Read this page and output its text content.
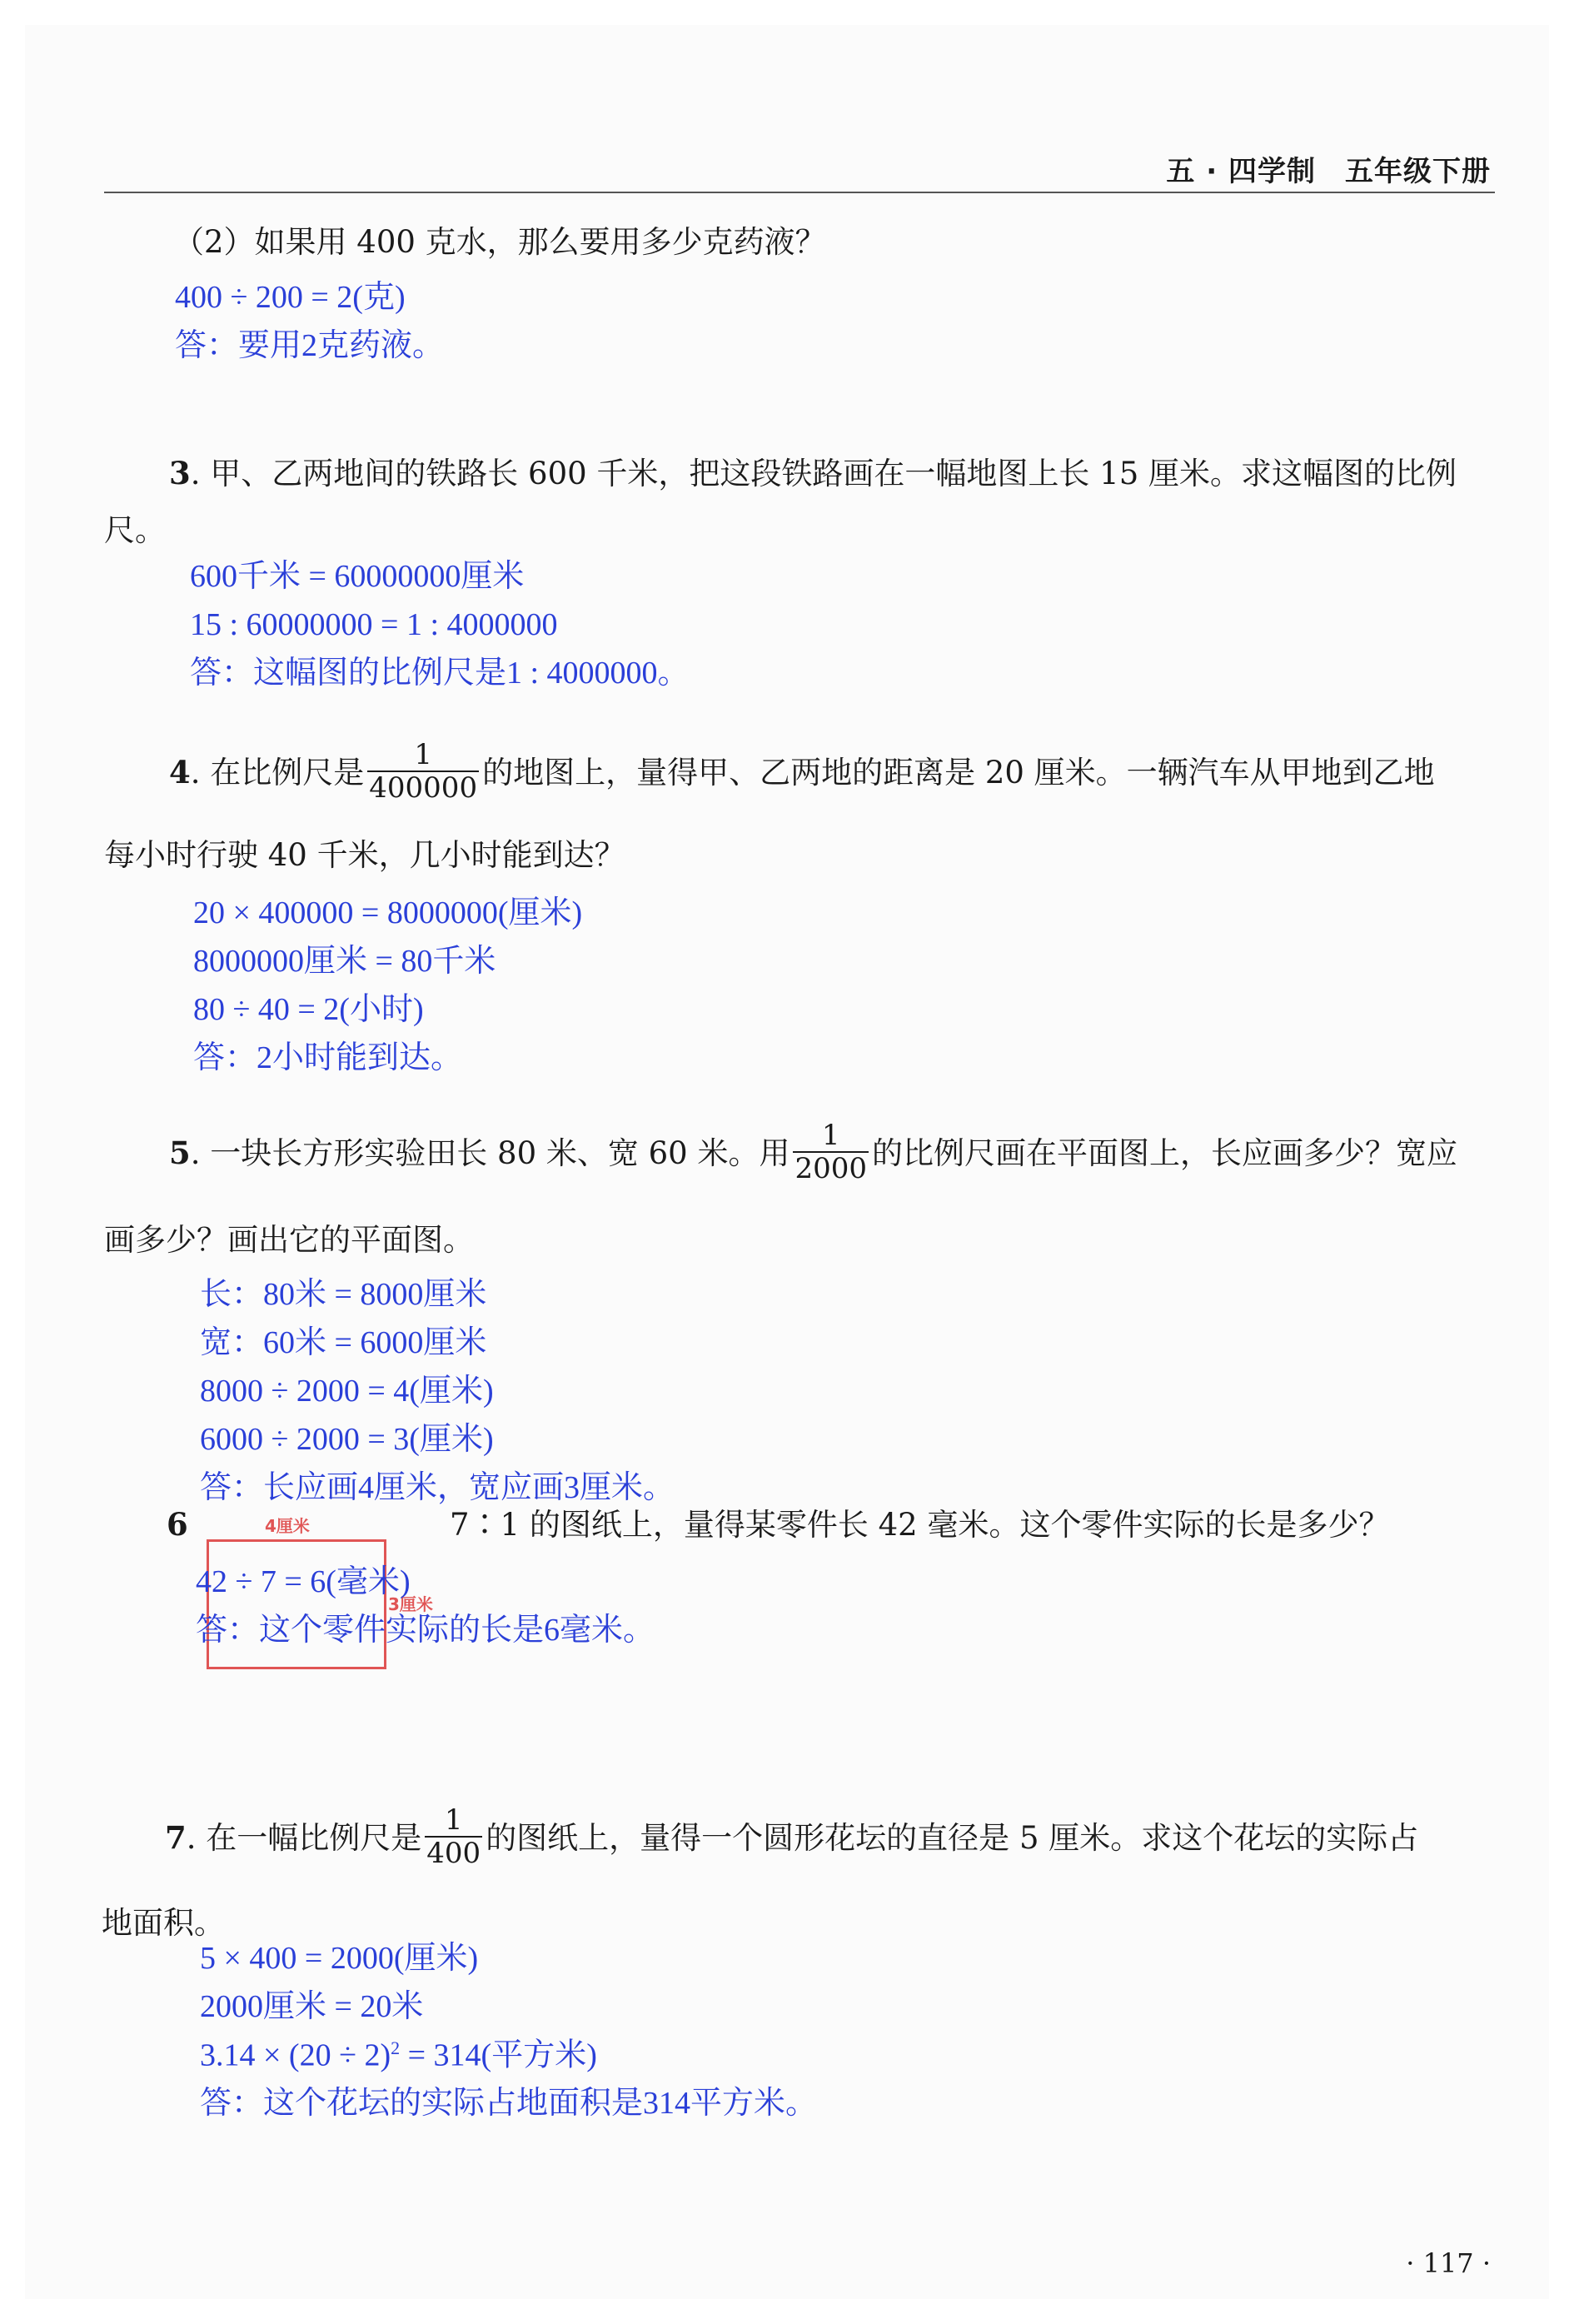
五 · 四学制　五年级下册
（2）如果用 400 克水，那么要用多少克药液？
400 ÷ 200 = 2(克)
答：要用2克药液。
3. 甲、乙两地间的铁路长 600 千米，把这段铁路画在一幅地图上长 15 厘米。求这幅图的比例
尺。
600千米 = 60000000厘米
15 : 60000000 = 1 : 4000000
答：这幅图的比例尺是1 : 4000000。
4. 在比例尺是 $\frac{1}{400000}$ 的地图上，量得甲、乙两地的距离是 20 厘米。一辆汽车从甲地到乙地
每小时行驶 40 千米，几小时能到达？
20 × 400000 = 8000000(厘米)
8000000厘米 = 80千米
80 ÷ 40 = 2(小时)
答：2小时能到达。
5. 一块长方形实验田长 80 米、宽 60 米。用 $\frac{1}{2000}$ 的比例尺画在平面图上，长应画多少？宽应
画多少？画出它的平面图。
长：80米 = 8000厘米
宽：60米 = 6000厘米
8000 ÷ 2000 = 4(厘米)
6000 ÷ 2000 = 3(厘米)
答：长应画4厘米，宽应画3厘米。
4厘米
3厘米
6	7∶1 的图纸上，量得某零件长 42 毫米。这个零件实际的长是多少？
42 ÷ 7 = 6(毫米)
答：这个零件实际的长是6毫米。
7. 在一幅比例尺是 $\frac{1}{400}$ 的图纸上，量得一个圆形花坛的直径是 5 厘米。求这个花坛的实际占
地面积。
5 × 400 = 2000(厘米)
2000厘米 = 20米
$3.14 \times (20 \div 2)^2 = 314$(平方米)
答：这个花坛的实际占地面积是314平方米。
· 117 ·
